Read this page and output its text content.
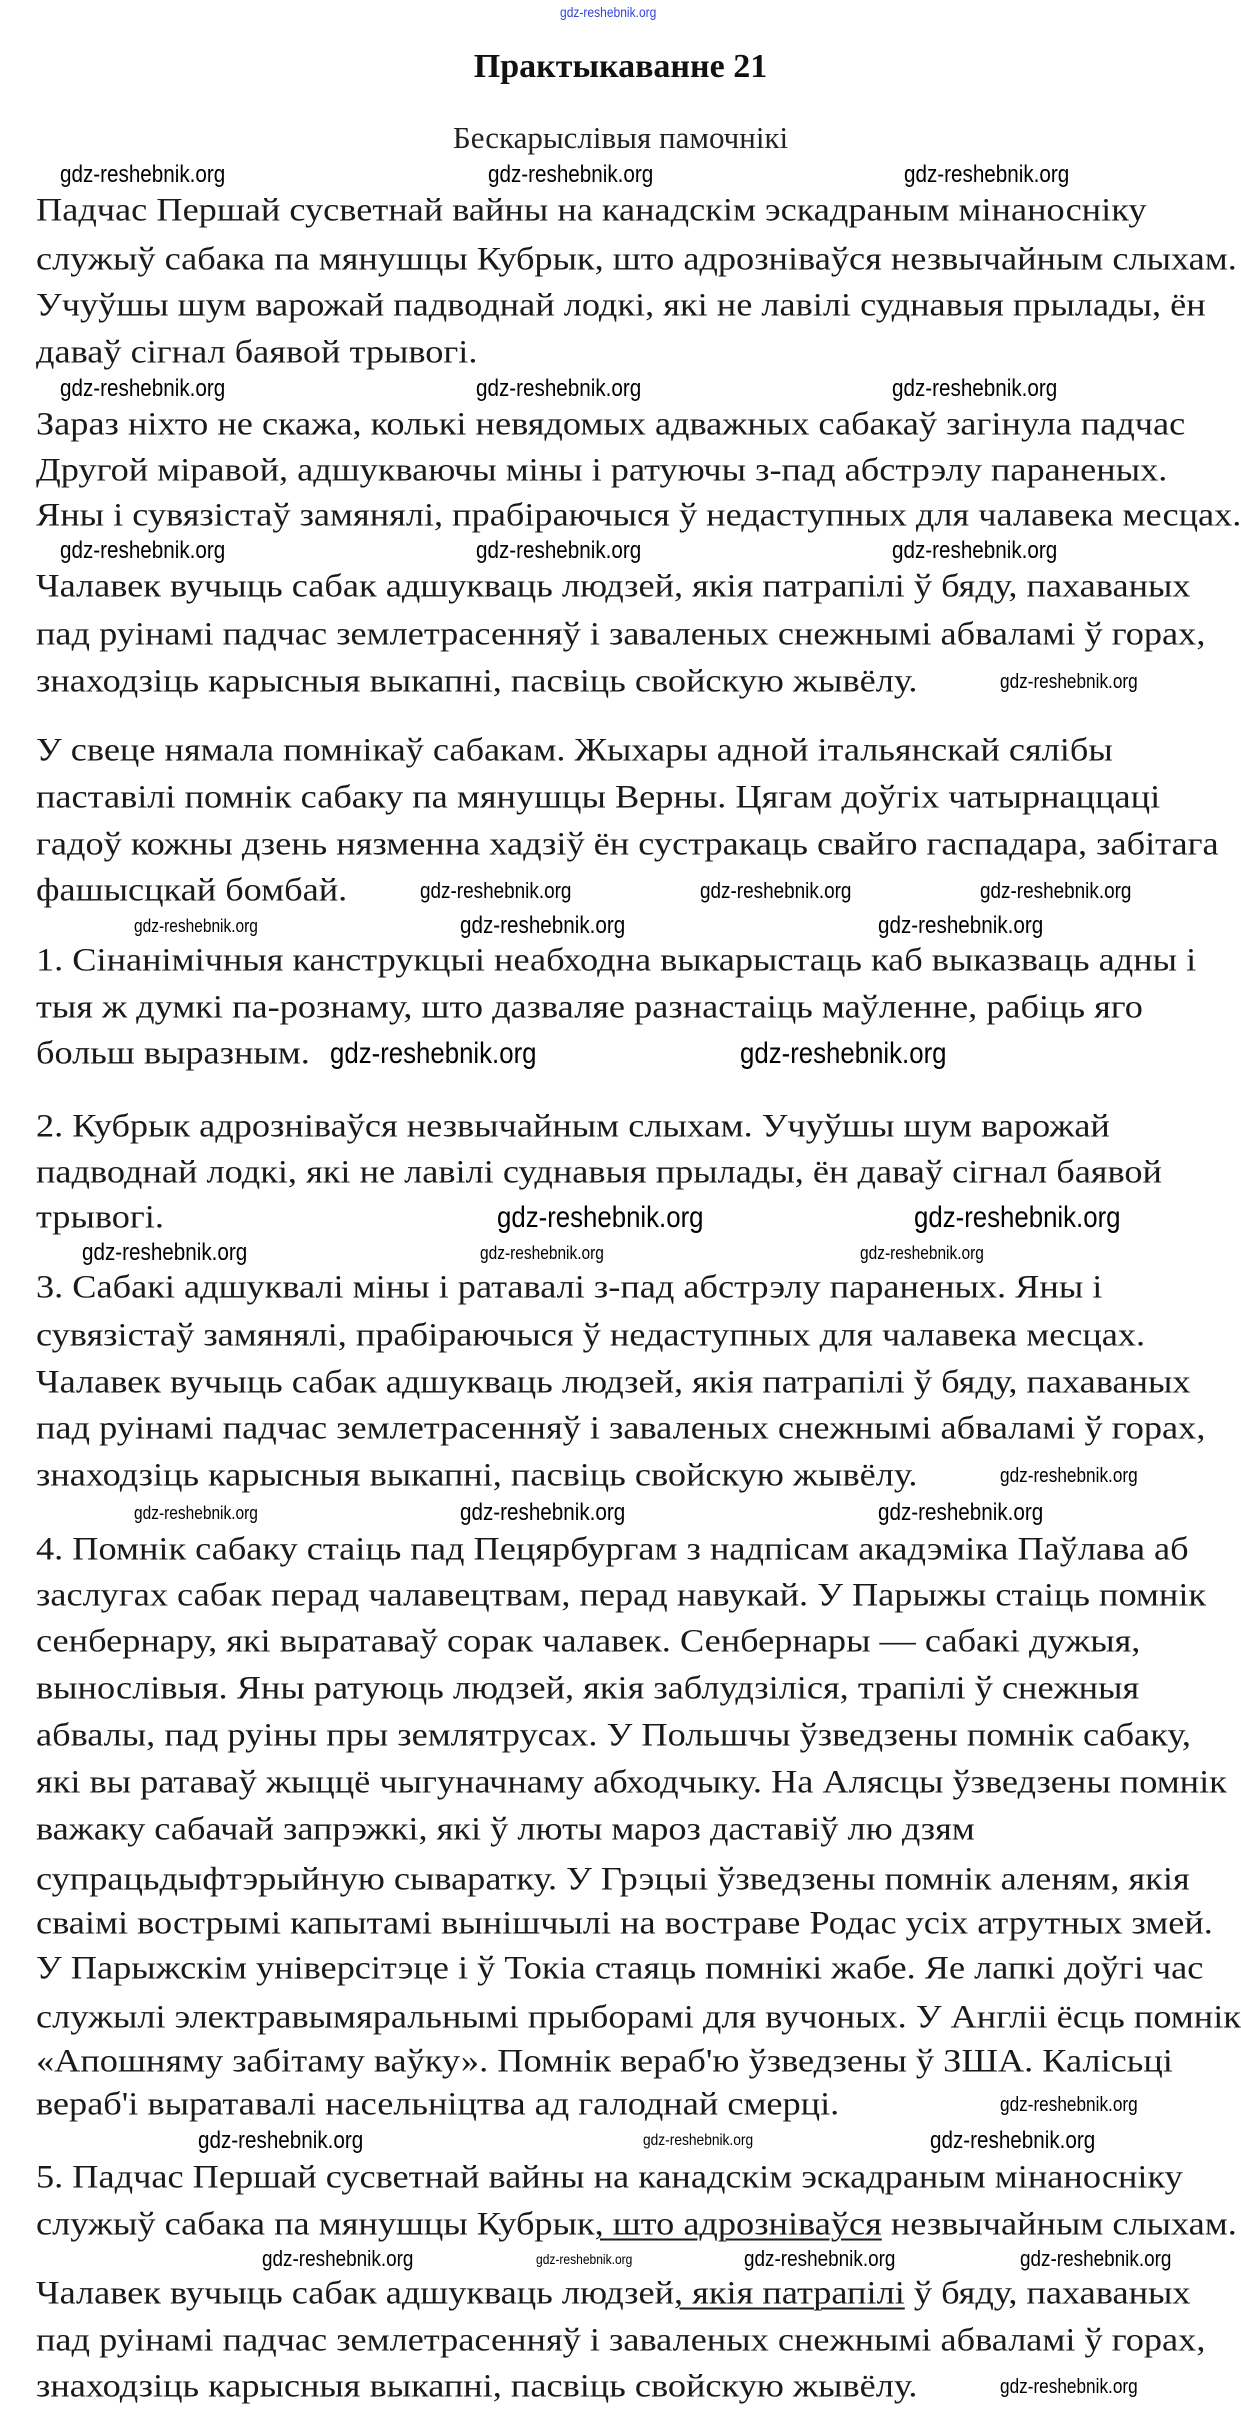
gdz-reshebnik.org
Практыкаванне 21
Бескарыслівыя памочнікі
Падчас Першай сусветнай вайны на канадскім эскадраным мінаносніку
служыў сабака па мянушцы Кубрык, што адрозніваўся незвычайным слыхам.
Учуўшы шум варожай падводнай лодкі, які не лавілі суднавыя прылады, ён
даваў сігнал баявой трывогі.
Зараз ніхто не скажа, колькі невядомых адважных сабакаў загінула падчас
Другой міравой, адшукваючы міны і ратуючы з-пад абстрэлу параненых.
Яны і сувязістаў замянялі, прабіраючыся ў недаступных для чалавека месцах.
Чалавек вучыць сабак адшукваць людзей, якія патрапілі ў бяду, пахаваных
пад руінамі падчас землетрасенняў і заваленых снежнымі абваламі ў горах,
знаходзіць карысныя выкапні, пасвіць свойскую жывёлу.
У свеце нямала помнікаў сабакам. Жыхары адной італьянскай сялібы
паставілі помнік сабаку па мянушцы Верны. Цягам доўгіх чатырнаццаці
гадоў кожны дзень нязменна хадзіў ён сустракаць свайго гаспадара, забітага
фашысцкай бомбай.
1. Сінанімічныя канструкцыі неабходна выкарыстаць каб выказваць адны і
тыя ж думкі па-рознаму, што дазваляе разнастаіць маўленне, рабіць яго
больш выразным.
2. Кубрык адрозніваўся незвычайным слыхам. Учуўшы шум варожай
падводнай лодкі, які не лавілі суднавыя прылады, ён даваў сігнал баявой
трывогі.
3. Сабакі адшуквалі міны і ратавалі з-пад абстрэлу параненых. Яны і
сувязістаў замянялі, прабіраючыся ў недаступных для чалавека месцах.
Чалавек вучыць сабак адшукваць людзей, якія патрапілі ў бяду, пахаваных
пад руінамі падчас землетрасенняў і заваленых снежнымі абваламі ў горах,
знаходзіць карысныя выкапні, пасвіць свойскую жывёлу.
4. Помнік сабаку стаіць пад Пецярбургам з надпісам акадэміка Паўлава аб
заслугах сабак перад чалавецтвам, перад навукай. У Парыжы стаіць помнік
сенбернару, які выратаваў сорак чалавек. Сенбернары — сабакі дужыя,
вынослівыя. Яны ратуюць людзей, якія заблудзіліся, трапілі ў снежныя
абвалы, пад руіны пры землятрусах. У Польшчы ўзведзены помнік сабаку,
які вы ратаваў жыццё чыгуначнаму абходчыку. На Алясцы ўзведзены помнік
важаку сабачай запрэжкі, які ў люты мароз даставіў лю дзям
супрацьдыфтэрыйную сываратку. У Грэцыі ўзведзены помнік аленям, якія
сваімі вострымі капытамі вынішчылі на востраве Родас усіх атрутных змей.
У Парыжскім універсітэце і ў Токіа стаяць помнікі жабе. Яе лапкі доўгі час
служылі электравымяральнымі прыборамі для вучоных. У Англіі ёсць помнік
«Апошняму забітаму ваўку». Помнік вераб'ю ўзведзены ў ЗША. Калісьці
вераб'і выратавалі насельніцтва ад галоднай смерці.
5. Падчас Першай сусветнай вайны на канадскім эскадраным мінаносніку
служыў сабака па мянушцы Кубрык, што адрозніваўся незвычайным слыхам.
Чалавек вучыць сабак адшукваць людзей, якія патрапілі ў бяду, пахаваных
пад руінамі падчас землетрасенняў і заваленых снежнымі абваламі ў горах,
знаходзіць карысныя выкапні, пасвіць свойскую жывёлу.
gdz-reshebnik.org	gdz-reshebnik.org	gdz-reshebnik.org
gdz-reshebnik.org	gdz-reshebnik.org	gdz-reshebnik.org
gdz-reshebnik.org	gdz-reshebnik.org	gdz-reshebnik.org
gdz-reshebnik.org
gdz-reshebnik.org	gdz-reshebnik.org	gdz-reshebnik.org
gdz-reshebnik.org	gdz-reshebnik.org	gdz-reshebnik.org
gdz-reshebnik.org	gdz-reshebnik.org
gdz-reshebnik.org	gdz-reshebnik.org
gdz-reshebnik.org	gdz-reshebnik.org	gdz-reshebnik.org
gdz-reshebnik.org
gdz-reshebnik.org	gdz-reshebnik.org	gdz-reshebnik.org
gdz-reshebnik.org
gdz-reshebnik.org	gdz-reshebnik.org	gdz-reshebnik.org
gdz-reshebnik.org	gdz-reshebnik.org	gdz-reshebnik.org	gdz-reshebnik.org
gdz-reshebnik.org
